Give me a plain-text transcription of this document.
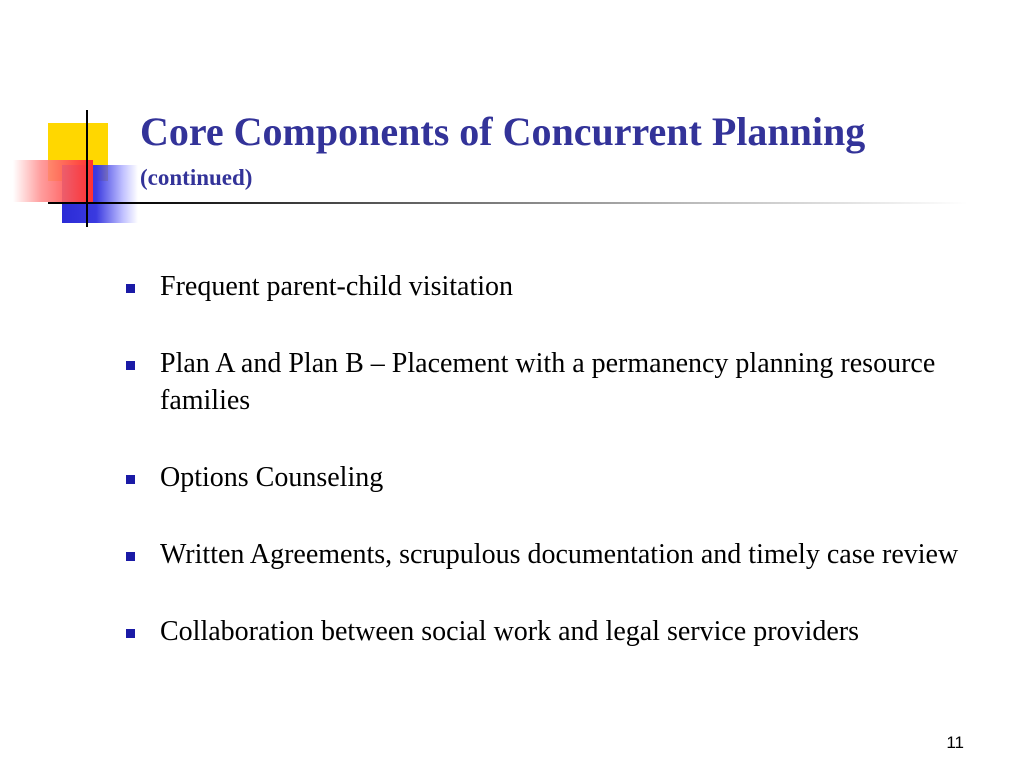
Core Components of Concurrent Planning
(continued)
Frequent parent-child visitation
Plan A and Plan B – Placement with a permanency planning resource families
Options Counseling
Written Agreements, scrupulous documentation and timely case review
Collaboration between social work and legal service providers
11
